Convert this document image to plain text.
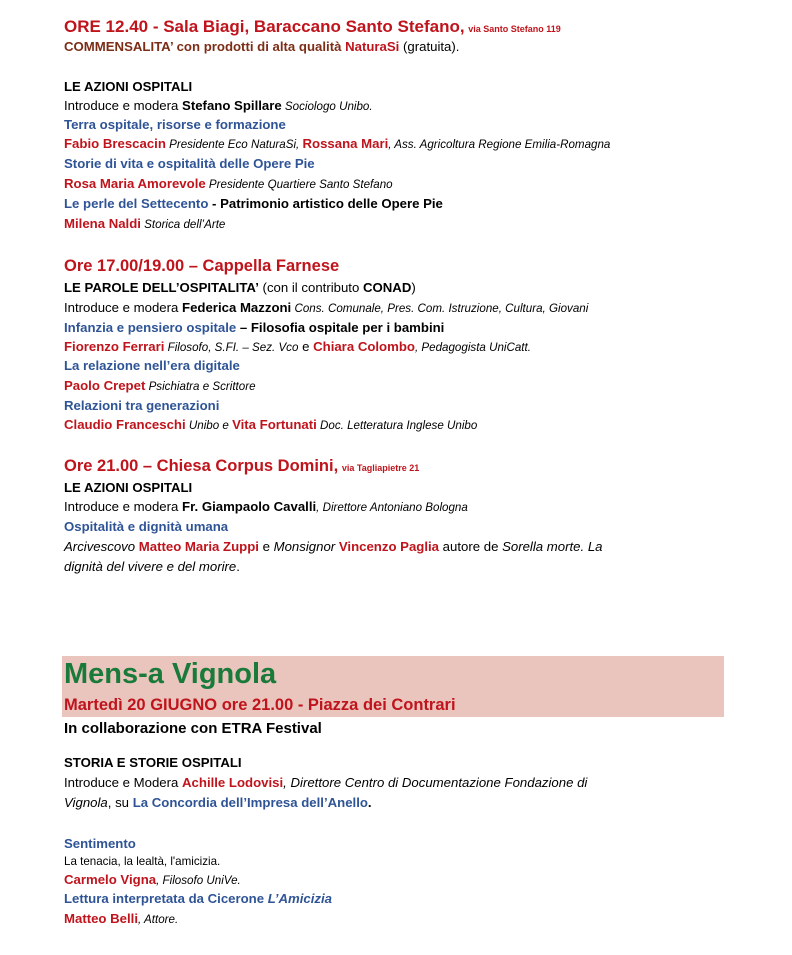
ORE 12.40 - Sala Biagi, Baraccano Santo Stefano, via Santo Stefano 119
COMMENSALITA’ con prodotti di alta qualità NaturaSi (gratuita).
LE AZIONI OSPITALI
Introduce e modera Stefano Spillare Sociologo Unibo.
Terra ospitale, risorse e formazione
Fabio Brescacin Presidente Eco NaturaSi, Rossana Mari, Ass. Agricoltura Regione Emilia-Romagna
Storie di vita e ospitalità delle Opere Pie
Rosa Maria Amorevole Presidente Quartiere Santo Stefano
Le perle del Settecento - Patrimonio artistico delle Opere Pie
Milena Naldi Storica dell’Arte
Ore 17.00/19.00 – Cappella Farnese
LE PAROLE DELL’OSPITALITA’ (con il contributo CONAD)
Introduce e modera Federica Mazzoni Cons. Comunale, Pres. Com. Istruzione, Cultura, Giovani
Infanzia e pensiero ospitale – Filosofia ospitale per i bambini
Fiorenzo Ferrari Filosofo, S.FI. – Sez. Vco e Chiara Colombo, Pedagogista UniCatt.
La relazione nell’era digitale
Paolo Crepet Psichiatra e Scrittore
Relazioni tra generazioni
Claudio Franceschi Unibo e Vita Fortunati Doc. Letteratura Inglese Unibo
Ore 21.00 – Chiesa Corpus Domini, via Tagliapietre 21
LE AZIONI OSPITALI
Introduce e modera Fr. Giampaolo Cavalli, Direttore Antoniano Bologna
Ospitalità e dignità umana
Arcivescovo Matteo Maria Zuppi e Monsignor Vincenzo Paglia autore de Sorella morte. La
dignità del vivere e del morire.
Mens-a Vignola
Martedì 20 GIUGNO ore 21.00 - Piazza dei Contrari
In collaborazione con ETRA Festival
STORIA E STORIE OSPITALI
Introduce e Moderа Achille Lodovisi, Direttore Centro di Documentazione Fondazione di
Vignola, su La Concordia dell’Impresa dell’Anello.
Sentimento
La tenacia, la lealtà, l'amicizia.
Carmelo Vigna, Filosofo UniVe.
Lettura interpretata da Cicerone L’Amicizia
Matteo Belli, Attore.
